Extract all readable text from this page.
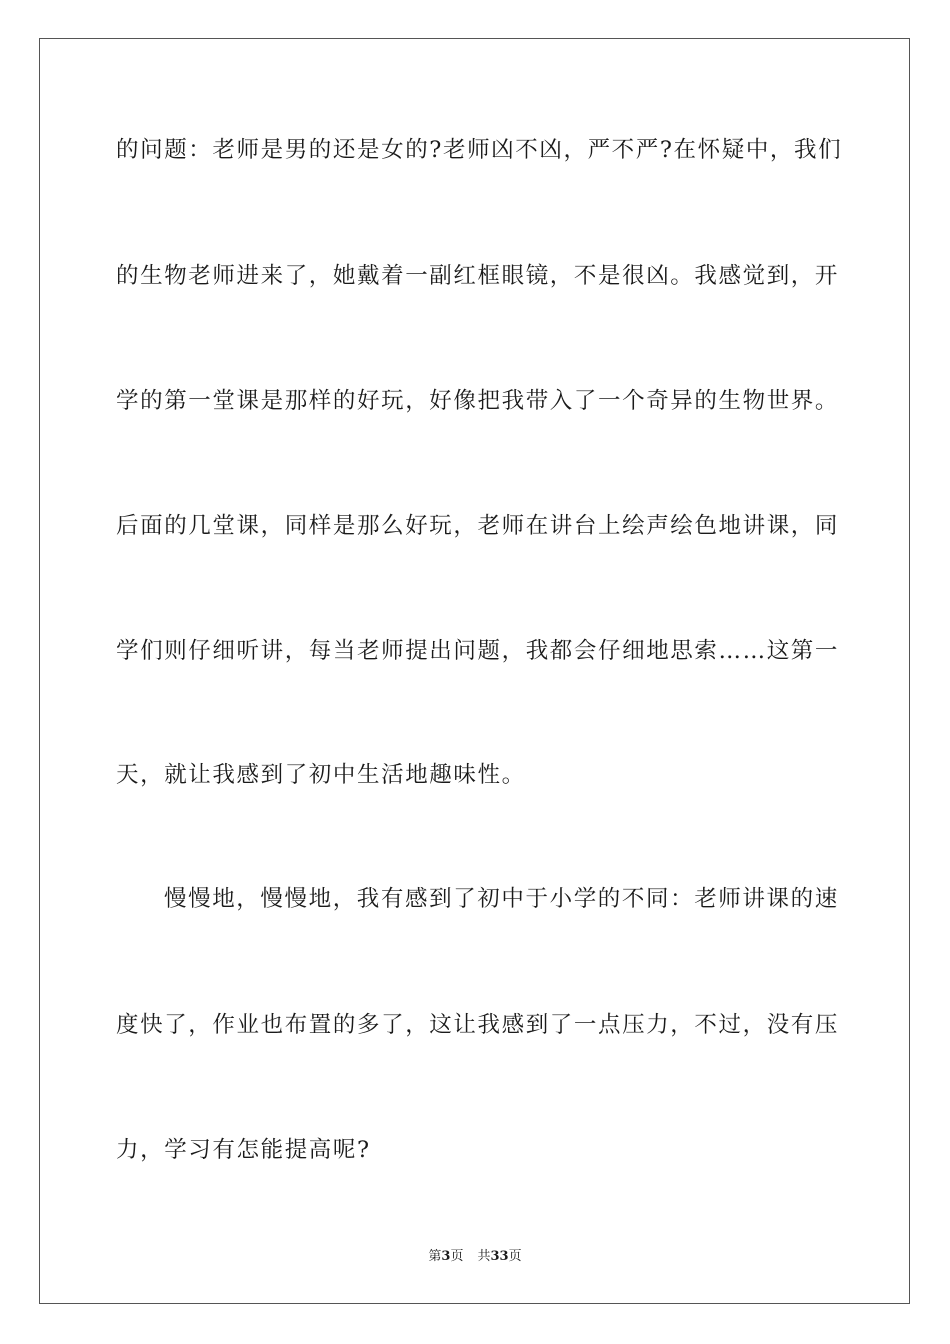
的问题：老师是男的还是女的?老师凶不凶，严不严?在怀疑中，我们
的生物老师进来了，她戴着一副红框眼镜，不是很凶。我感觉到，开
学的第一堂课是那样的好玩，好像把我带入了一个奇异的生物世界。
后面的几堂课，同样是那么好玩，老师在讲台上绘声绘色地讲课，同
学们则仔细听讲，每当老师提出问题，我都会仔细地思索……这第一
天，就让我感到了初中生活地趣味性。
慢慢地，慢慢地，我有感到了初中于小学的不同：老师讲课的速
度快了，作业也布置的多了，这让我感到了一点压力，不过，没有压
力，学习有怎能提高呢?
第3页 共33页
